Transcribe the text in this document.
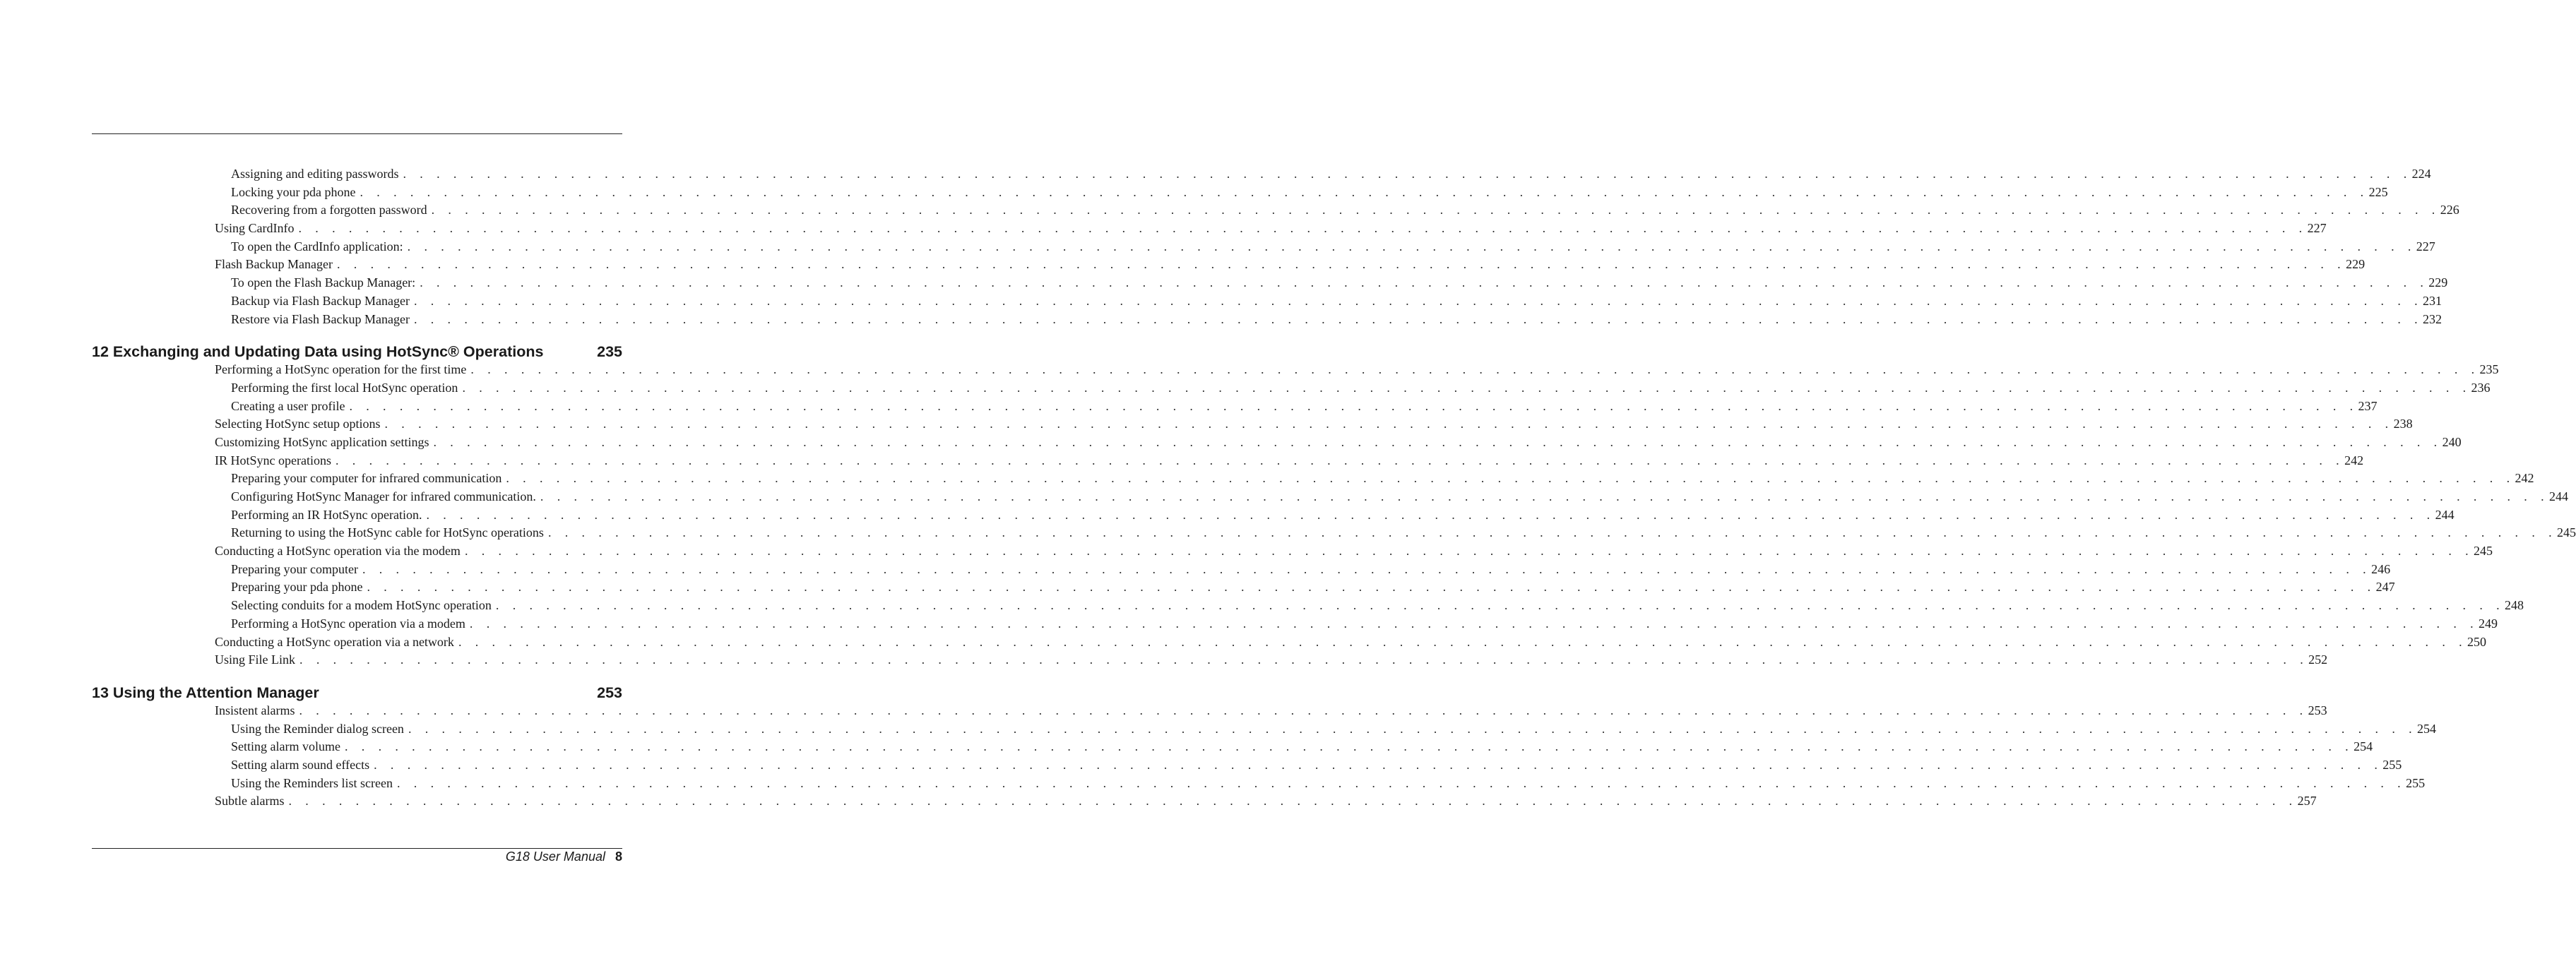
Assigning and editing passwords . . . . . . . . . . . . . . . . . . . . . . . . . . . . . . . . . . . . . . . . . . . . . . . . . . . . . . . . . . . . . . . . . . . . . . . . . . . . . . . . . . . . . . . . . . . . . . . . . . . . . . . . . . . . . . . . . . . . . . . . 224
Locking your pda phone . . . . . . . . . . . . . . . . . . . . . . . . . . . . . . . . . . . . . . . . . . . . . . . . . . . . . . . . . . . . . . . . . . . . . . . . . . . . . . . . . . . . . . . . . . . . . . . . . . . . . . . . . . . . . . . . . . . . . . . . 225
Recovering from a forgotten password . . . . . . . . . . . . . . . . . . . . . . . . . . . . . . . . . . . . . . . . . . . . . . . . . . . . . . . . . . . . . . . . . . . . . . . . . . . . . . . . . . . . . . . . . . . . . . . . . . . . . . . . . . . . . . . . . . . . . . . . 226
Using CardInfo . . . . . . . . . . . . . . . . . . . . . . . . . . . . . . . . . . . . . . . . . . . . . . . . . . . . . . . . . . . . . . . . . . . . . . . . . . . . . . . . . . . . . . . . . . . . . . . . . . . . . . . . . . . . . . . . . . . . . . . . 227
To open the CardInfo application: . . . . . . . . . . . . . . . . . . . . . . . . . . . . . . . . . . . . . . . . . . . . . . . . . . . . . . . . . . . . . . . . . . . . . . . . . . . . . . . . . . . . . . . . . . . . . . . . . . . . . . . . . . . . . . . . . . . . . . . . 227
Flash Backup Manager . . . . . . . . . . . . . . . . . . . . . . . . . . . . . . . . . . . . . . . . . . . . . . . . . . . . . . . . . . . . . . . . . . . . . . . . . . . . . . . . . . . . . . . . . . . . . . . . . . . . . . . . . . . . . . . . . . . . . . . . 229
To open the Flash Backup Manager: . . . . . . . . . . . . . . . . . . . . . . . . . . . . . . . . . . . . . . . . . . . . . . . . . . . . . . . . . . . . . . . . . . . . . . . . . . . . . . . . . . . . . . . . . . . . . . . . . . . . . . . . . . . . . . . . . . . . . . . . 229
Backup via Flash Backup Manager . . . . . . . . . . . . . . . . . . . . . . . . . . . . . . . . . . . . . . . . . . . . . . . . . . . . . . . . . . . . . . . . . . . . . . . . . . . . . . . . . . . . . . . . . . . . . . . . . . . . . . . . . . . . . . . . . . . . . . . . 231
Restore via Flash Backup Manager . . . . . . . . . . . . . . . . . . . . . . . . . . . . . . . . . . . . . . . . . . . . . . . . . . . . . . . . . . . . . . . . . . . . . . . . . . . . . . . . . . . . . . . . . . . . . . . . . . . . . . . . . . . . . . . . . . . . . . . . 232
12 Exchanging and Updating Data using HotSync® Operations	235
Performing a HotSync operation for the first time . . . . . . . . . . . . . . . . . . . . . . . . . . . . . . . . . . . . . . . . . . . . . . . . . . . . . . . . . . . . . . . . . . . . . . . . . . . . . . . . . . . . . . . . . . . . . . . . . . . . . . . . . . . . . . . . . . . . . . . . 235
Performing the first local HotSync operation . . . . . . . . . . . . . . . . . . . . . . . . . . . . . . . . . . . . . . . . . . . . . . . . . . . . . . . . . . . . . . . . . . . . . . . . . . . . . . . . . . . . . . . . . . . . . . . . . . . . . . . . . . . . . . . . . . . . . . . . 236
Creating a user profile . . . . . . . . . . . . . . . . . . . . . . . . . . . . . . . . . . . . . . . . . . . . . . . . . . . . . . . . . . . . . . . . . . . . . . . . . . . . . . . . . . . . . . . . . . . . . . . . . . . . . . . . . . . . . . . . . . . . . . . . 237
Selecting HotSync setup options . . . . . . . . . . . . . . . . . . . . . . . . . . . . . . . . . . . . . . . . . . . . . . . . . . . . . . . . . . . . . . . . . . . . . . . . . . . . . . . . . . . . . . . . . . . . . . . . . . . . . . . . . . . . . . . . . . . . . . . . 238
Customizing HotSync application settings . . . . . . . . . . . . . . . . . . . . . . . . . . . . . . . . . . . . . . . . . . . . . . . . . . . . . . . . . . . . . . . . . . . . . . . . . . . . . . . . . . . . . . . . . . . . . . . . . . . . . . . . . . . . . . . . . . . . . . . . 240
IR HotSync operations . . . . . . . . . . . . . . . . . . . . . . . . . . . . . . . . . . . . . . . . . . . . . . . . . . . . . . . . . . . . . . . . . . . . . . . . . . . . . . . . . . . . . . . . . . . . . . . . . . . . . . . . . . . . . . . . . . . . . . . . 242
Preparing your computer for infrared communication . . . . . . . . . . . . . . . . . . . . . . . . . . . . . . . . . . . . . . . . . . . . . . . . . . . . . . . . . . . . . . . . . . . . . . . . . . . . . . . . . . . . . . . . . . . . . . . . . . . . . . . . . . . . . . . . . . . . . . . . 242
Configuring HotSync Manager for infrared communication. . . . . . . . . . . . . . . . . . . . . . . . . . . . . . . . . . . . . . . . . . . . . . . . . . . . . . . . . . . . . . . . . . . . . . . . . . . . . . . . . . . . . . . . . . . . . . . . . . . . . . . . . . . . . . . . . . . . . . . . . 244
Performing an IR HotSync operation. . . . . . . . . . . . . . . . . . . . . . . . . . . . . . . . . . . . . . . . . . . . . . . . . . . . . . . . . . . . . . . . . . . . . . . . . . . . . . . . . . . . . . . . . . . . . . . . . . . . . . . . . . . . . . . . . . . . . . . . . 244
Returning to using the HotSync cable for HotSync operations . . . . . . . . . . . . . . . . . . . . . . . . . . . . . . . . . . . . . . . . . . . . . . . . . . . . . . . . . . . . . . . . . . . . . . . . . . . . . . . . . . . . . . . . . . . . . . . . . . . . . . . . . . . . . . . . . . . . . . . . 245
Conducting a HotSync operation via the modem . . . . . . . . . . . . . . . . . . . . . . . . . . . . . . . . . . . . . . . . . . . . . . . . . . . . . . . . . . . . . . . . . . . . . . . . . . . . . . . . . . . . . . . . . . . . . . . . . . . . . . . . . . . . . . . . . . . . . . . . 245
Preparing your computer . . . . . . . . . . . . . . . . . . . . . . . . . . . . . . . . . . . . . . . . . . . . . . . . . . . . . . . . . . . . . . . . . . . . . . . . . . . . . . . . . . . . . . . . . . . . . . . . . . . . . . . . . . . . . . . . . . . . . . . . 246
Preparing your pda phone . . . . . . . . . . . . . . . . . . . . . . . . . . . . . . . . . . . . . . . . . . . . . . . . . . . . . . . . . . . . . . . . . . . . . . . . . . . . . . . . . . . . . . . . . . . . . . . . . . . . . . . . . . . . . . . . . . . . . . . . 247
Selecting conduits for a modem HotSync operation . . . . . . . . . . . . . . . . . . . . . . . . . . . . . . . . . . . . . . . . . . . . . . . . . . . . . . . . . . . . . . . . . . . . . . . . . . . . . . . . . . . . . . . . . . . . . . . . . . . . . . . . . . . . . . . . . . . . . . . . 248
Performing a HotSync operation via a modem . . . . . . . . . . . . . . . . . . . . . . . . . . . . . . . . . . . . . . . . . . . . . . . . . . . . . . . . . . . . . . . . . . . . . . . . . . . . . . . . . . . . . . . . . . . . . . . . . . . . . . . . . . . . . . . . . . . . . . . . 249
Conducting a HotSync operation via a network . . . . . . . . . . . . . . . . . . . . . . . . . . . . . . . . . . . . . . . . . . . . . . . . . . . . . . . . . . . . . . . . . . . . . . . . . . . . . . . . . . . . . . . . . . . . . . . . . . . . . . . . . . . . . . . . . . . . . . . . 250
Using File Link . . . . . . . . . . . . . . . . . . . . . . . . . . . . . . . . . . . . . . . . . . . . . . . . . . . . . . . . . . . . . . . . . . . . . . . . . . . . . . . . . . . . . . . . . . . . . . . . . . . . . . . . . . . . . . . . . . . . . . . . 252
13 Using the Attention Manager	253
Insistent alarms . . . . . . . . . . . . . . . . . . . . . . . . . . . . . . . . . . . . . . . . . . . . . . . . . . . . . . . . . . . . . . . . . . . . . . . . . . . . . . . . . . . . . . . . . . . . . . . . . . . . . . . . . . . . . . . . . . . . . . . . 253
Using the Reminder dialog screen . . . . . . . . . . . . . . . . . . . . . . . . . . . . . . . . . . . . . . . . . . . . . . . . . . . . . . . . . . . . . . . . . . . . . . . . . . . . . . . . . . . . . . . . . . . . . . . . . . . . . . . . . . . . . . . . . . . . . . . . 254
Setting alarm volume . . . . . . . . . . . . . . . . . . . . . . . . . . . . . . . . . . . . . . . . . . . . . . . . . . . . . . . . . . . . . . . . . . . . . . . . . . . . . . . . . . . . . . . . . . . . . . . . . . . . . . . . . . . . . . . . . . . . . . . . 254
Setting alarm sound effects . . . . . . . . . . . . . . . . . . . . . . . . . . . . . . . . . . . . . . . . . . . . . . . . . . . . . . . . . . . . . . . . . . . . . . . . . . . . . . . . . . . . . . . . . . . . . . . . . . . . . . . . . . . . . . . . . . . . . . . . 255
Using the Reminders list screen . . . . . . . . . . . . . . . . . . . . . . . . . . . . . . . . . . . . . . . . . . . . . . . . . . . . . . . . . . . . . . . . . . . . . . . . . . . . . . . . . . . . . . . . . . . . . . . . . . . . . . . . . . . . . . . . . . . . . . . . 255
Subtle alarms . . . . . . . . . . . . . . . . . . . . . . . . . . . . . . . . . . . . . . . . . . . . . . . . . . . . . . . . . . . . . . . . . . . . . . . . . . . . . . . . . . . . . . . . . . . . . . . . . . . . . . . . . . . . . . . . . . . . . . . . 257
G18 User Manual 8
